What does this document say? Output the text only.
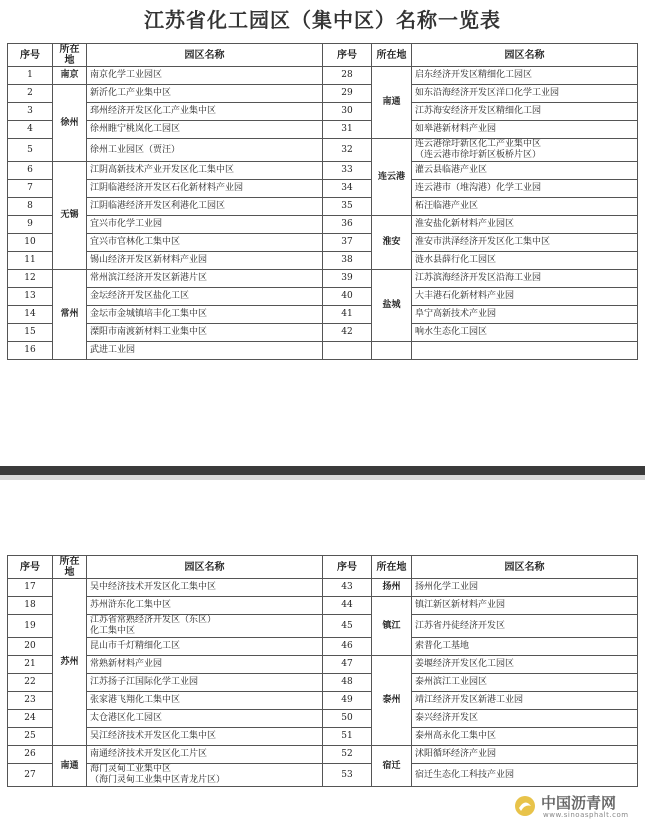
江苏省化工园区（集中区）名称一览表
序号	所在地	园区名称	序号	所在地	园区名称
1	南京	南京化学工业园区	28	南通	启东经济开发区精细化工园区

2	徐州	新沂化工产业集中区	29		如东沿海经济开发区洋口化学工业园

3		邳州经济开发区化工产业集中区	30		江苏海安经济开发区精细化工园

4		徐州睢宁桃岚化工园区	31		如皋港新材料产业园

5		徐州工业园区（贾汪）	32	连云港	连云港徐圩新区化工产业集中区
（连云港市徐圩新区板桥片区）

6	无锡	江阴高新技术产业开发区化工集中区	33		灌云县临港产业区

7		江阴临港经济开发区石化新材料产业园	34		连云港市（堆沟港）化学工业园

8		江阴临港经济开发区利港化工园区	35		柘汪临港产业区

9		宜兴市化学工业园	36	淮安	淮安盐化新材料产业园区

10		宜兴市官林化工集中区	37		淮安市洪泽经济开发区化工集中区

11		锡山经济开发区新材料产业园	38		涟水县薛行化工园区

12	常州	常州滨江经济开发区新港片区	39	盐城	江苏滨海经济开发区沿海工业园

13		金坛经济开发区盐化工区	40		大丰港石化新材料产业园

14		金坛市金城镇培丰化工集中区	41		阜宁高新技术产业园

15		溧阳市南渡新材料工业集中区	42		响水生态化工园区

16		武进工业园			

序号	所在地	园区名称	序号	所在地	园区名称
17	苏州	吴中经济技术开发区化工集中区	43	扬州	扬州化学工业园

18		苏州浒东化工集中区	44	镇江	镇江新区新材料产业园

19		江苏省常熟经济开发区（东区）
化工集中区	45		江苏省丹徒经济开发区

20		昆山市千灯精细化工区	46		索普化工基地

21		常熟新材料产业园	47	泰州	姜堰经济开发区化工园区

22		江苏扬子江国际化学工业园	48		泰州滨江工业园区

23		张家港飞翔化工集中区	49		靖江经济开发区新港工业园

24		太仓港区化工园区	50		泰兴经济开发区

25		吴江经济技术开发区化工集中区	51		泰州高永化工集中区

26	南通	南通经济技术开发区化工片区	52	宿迁	沭阳循环经济产业园

27		海门灵甸工业集中区
（海门灵甸工业集中区青龙片区）	53		宿迁生态化工科技产业园
中国沥青网
www.sinoasphalt.com
